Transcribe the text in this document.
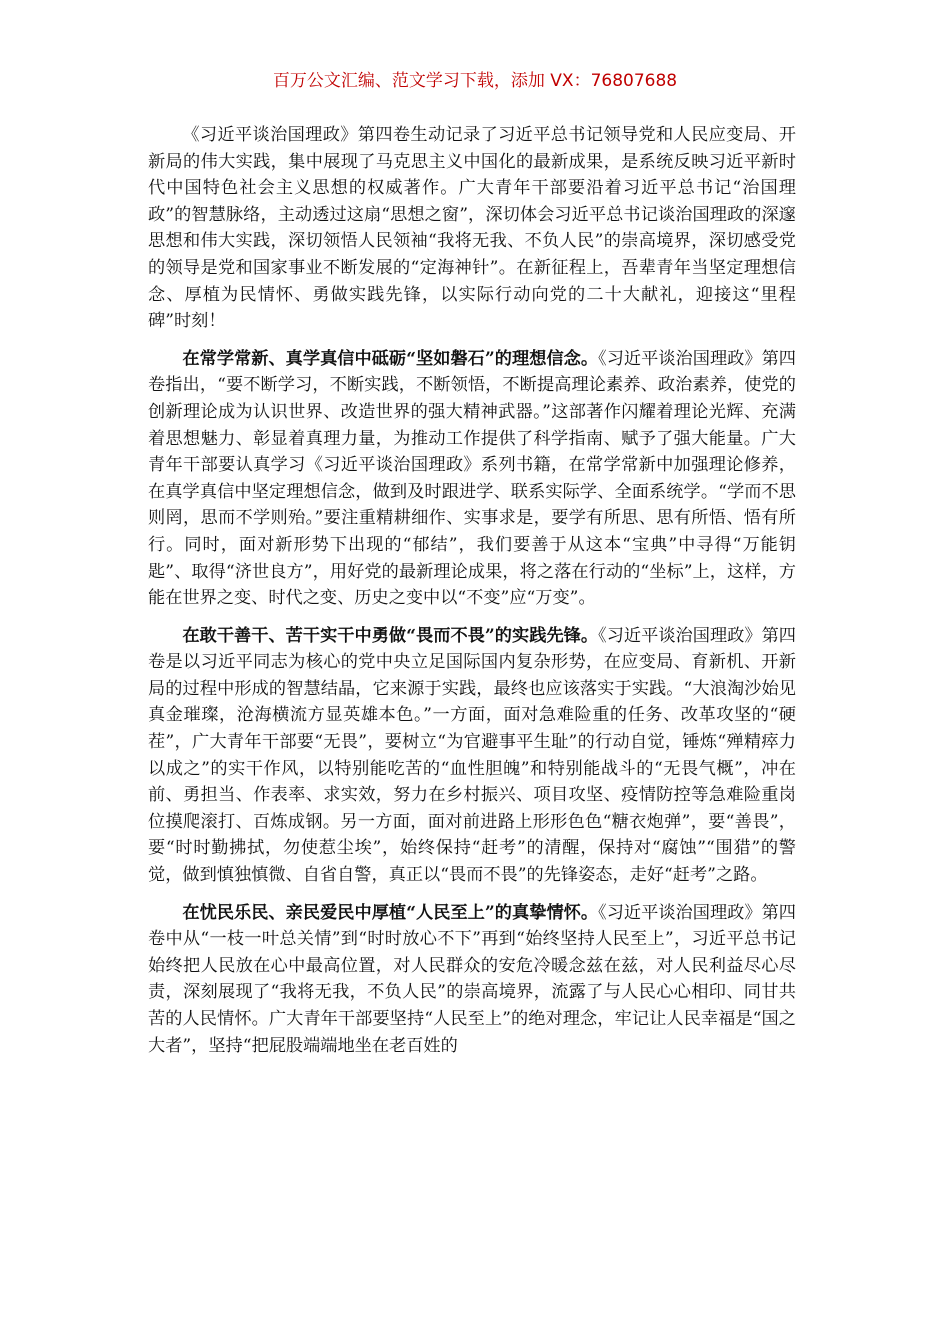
百万公文汇编、范文学习下载，添加 VX：76807688

《习近平谈治国理政》第四卷生动记录了习近平总书记领导党和人民应变局、开新局的伟大实践，集中展现了马克思主义中国化的最新成果，是系统反映习近平新时代中国特色社会主义思想的权威著作。广大青年干部要沿着习近平总书记“治国理政”的智慧脉络，主动透过这扇“思想之窗”，深切体会习近平总书记谈治国理政的深邃思想和伟大实践，深切领悟人民领袖“我将无我、不负人民”的崇高境界，深切感受党的领导是党和国家事业不断发展的“定海神针”。在新征程上，吾辈青年当坚定理想信念、厚植为民情怀、勇做实践先锋，以实际行动向党的二十大献礼，迎接这“里程碑”时刻！

在常学常新、真学真信中砥砺“坚如磐石”的理想信念。《习近平谈治国理政》第四卷指出，“要不断学习，不断实践，不断领悟，不断提高理论素养、政治素养，使党的创新理论成为认识世界、改造世界的强大精神武器。”这部著作闪耀着理论光辉、充满着思想魅力、彰显着真理力量，为推动工作提供了科学指南、赋予了强大能量。广大青年干部要认真学习《习近平谈治国理政》系列书籍，在常学常新中加强理论修养，在真学真信中坚定理想信念，做到及时跟进学、联系实际学、全面系统学。“学而不思则罔，思而不学则殆。”要注重精耕细作、实事求是，要学有所思、思有所悟、悟有所行。同时，面对新形势下出现的“郁结”，我们要善于从这本“宝典”中寻得“万能钥匙”、取得“济世良方”，用好党的最新理论成果，将之落在行动的“坐标”上，这样，方能在世界之变、时代之变、历史之变中以“不变”应“万变”。

在敢干善干、苦干实干中勇做“畏而不畏”的实践先锋。《习近平谈治国理政》第四卷是以习近平同志为核心的党中央立足国际国内复杂形势，在应变局、育新机、开新局的过程中形成的智慧结晶，它来源于实践，最终也应该落实于实践。“大浪淘沙始见真金璀璨，沧海横流方显英雄本色。”一方面，面对急难险重的任务、改革攻坚的“硬茬”，广大青年干部要“无畏”，要树立“为官避事平生耻”的行动自觉，锤炼“殚精瘁力以成之”的实干作风，以特别能吃苦的“血性胆魄”和特别能战斗的“无畏气概”，冲在前、勇担当、作表率、求实效，努力在乡村振兴、项目攻坚、疫情防控等急难险重岗位摸爬滚打、百炼成钢。另一方面，面对前进路上形形色色“糖衣炮弹”，要“善畏”，要“时时勤拂拭，勿使惹尘埃”，始终保持“赶考”的清醒，保持对“腐蚀”“围猎”的警觉，做到慎独慎微、自省自警，真正以“畏而不畏”的先锋姿态，走好“赶考”之路。

在忧民乐民、亲民爱民中厚植“人民至上”的真挚情怀。《习近平谈治国理政》第四卷中从“一枝一叶总关情”到“时时放心不下”再到“始终坚持人民至上”，习近平总书记始终把人民放在心中最高位置，对人民群众的安危冷暖念兹在兹，对人民利益尽心尽责，深刻展现了“我将无我，不负人民”的崇高境界，流露了与人民心心相印、同甘共苦的人民情怀。广大青年干部要坚持“人民至上”的绝对理念，牢记让人民幸福是“国之大者”，坚持“把屁股端端地坐在老百姓的
